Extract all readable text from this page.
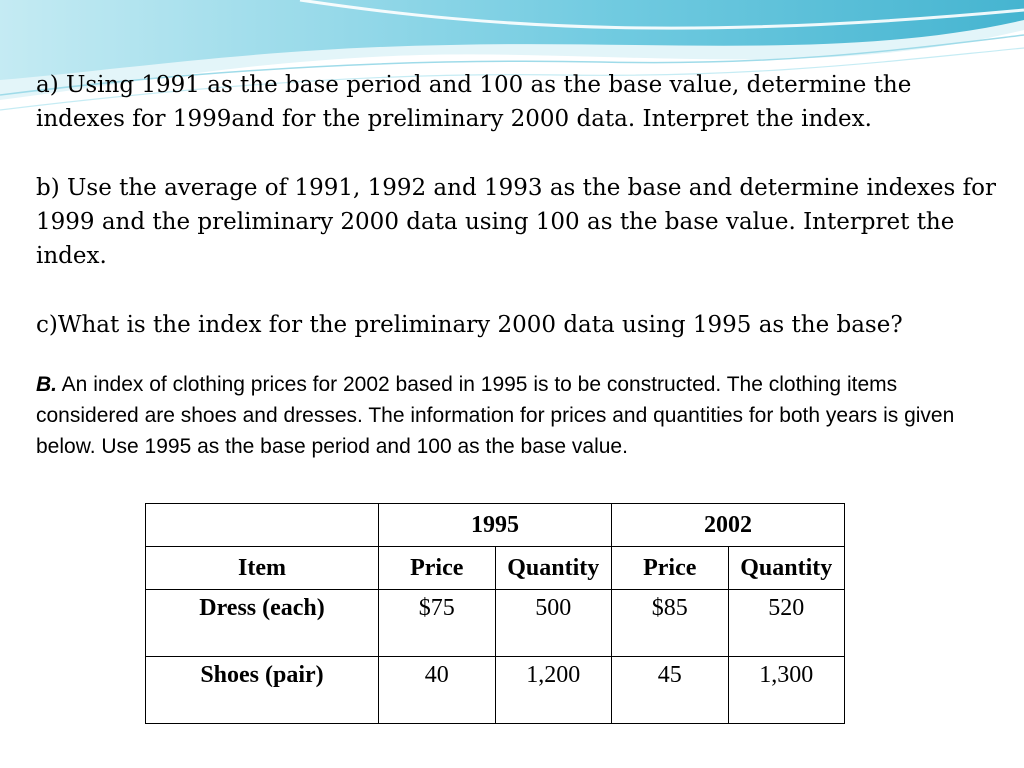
a) Using 1991 as the base period and 100 as the base value, determine the indexes for 1999and for the preliminary 2000 data. Interpret the index.

b) Use the average of 1991, 1992 and 1993 as the base and determine indexes for 1999 and the preliminary 2000 data using 100 as the base value. Interpret the index.

c)What is the index for the preliminary 2000 data using 1995 as the base?

B. An index of clothing prices for 2002 based in 1995 is to be constructed. The clothing items considered are shoes and dresses. The information for prices and quantities for both years is given below. Use 1995 as the base period and 100 as the base value.

	1995		2002	
Item	Price	Quantity	Price	Quantity
Dress (each)	$75	500	$85	520
Shoes (pair)	40	1,200	45	1,300
